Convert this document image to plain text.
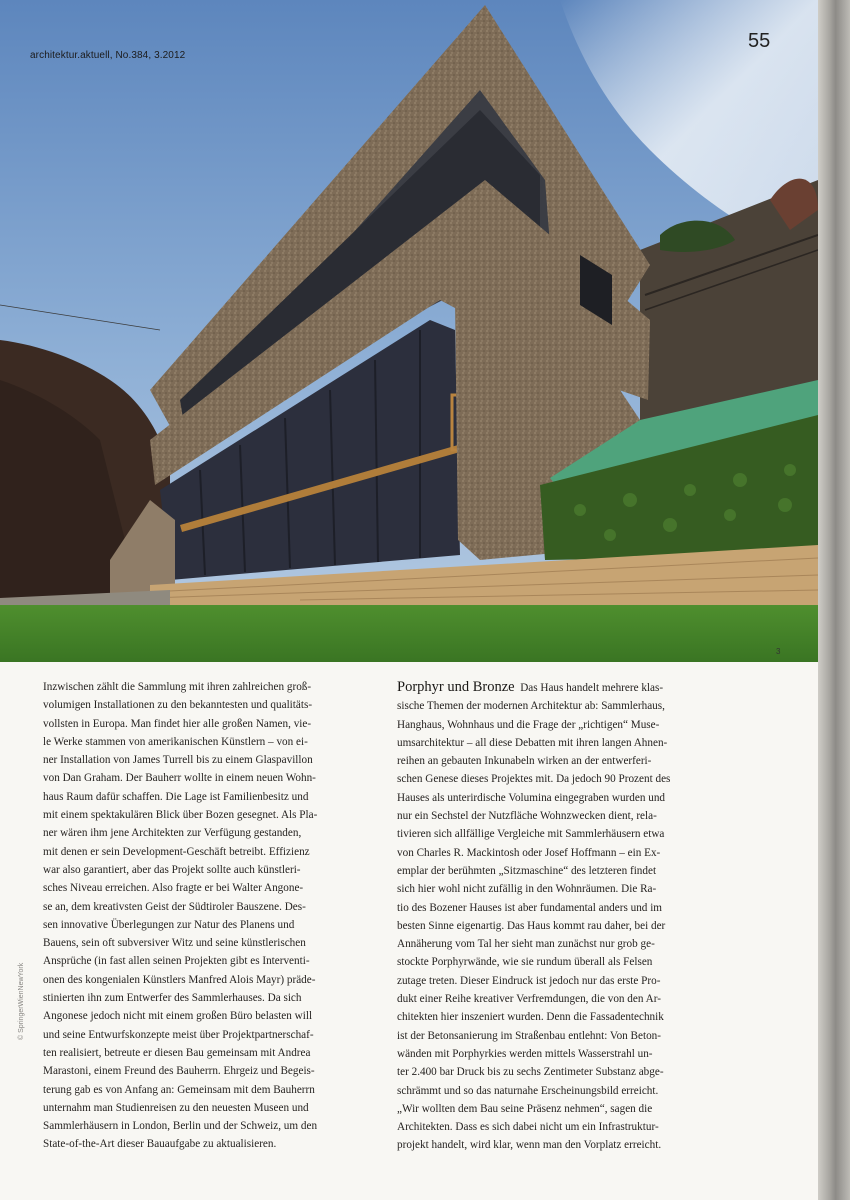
architektur.aktuell, No.384, 3.2012
55
3
© SpringerWienNewYork
Inzwischen zählt die Sammlung mit ihren zahlreichen groß-
volumigen Installationen zu den bekanntesten und qualitäts-
vollsten in Europa. Man findet hier alle großen Namen, vie-
le Werke stammen von amerikanischen Künstlern – von ei-
ner Installation von James Turrell bis zu einem Glaspavillon
von Dan Graham. Der Bauherr wollte in einem neuen Wohn-
haus Raum dafür schaffen. Die Lage ist Familienbesitz und
mit einem spektakulären Blick über Bozen gesegnet. Als Pla-
ner wären ihm jene Architekten zur Verfügung gestanden,
mit denen er sein Development-Geschäft betreibt. Effizienz
war also garantiert, aber das Projekt sollte auch künstleri-
sches Niveau erreichen. Also fragte er bei Walter Angone-
se an, dem kreativsten Geist der Südtiroler Bauszene. Des-
sen innovative Überlegungen zur Natur des Planens und
Bauens, sein oft subversiver Witz und seine künstlerischen
Ansprüche (in fast allen seinen Projekten gibt es Interventi-
onen des kongenialen Künstlers Manfred Alois Mayr) präde-
stinierten ihn zum Entwerfer des Sammlerhauses. Da sich
Angonese jedoch nicht mit einem großen Büro belasten will
und seine Entwurfskonzepte meist über Projektpartnerschaf-
ten realisiert, betreute er diesen Bau gemeinsam mit Andrea
Marastoni, einem Freund des Bauherrn. Ehrgeiz und Begeis-
terung gab es von Anfang an: Gemeinsam mit dem Bauherrn
unternahm man Studienreisen zu den neuesten Museen und
Sammlerhäusern in London, Berlin und der Schweiz, um den
State-of-the-Art dieser Bauaufgabe zu aktualisieren.
Porphyr und Bronze Das Haus handelt mehrere klas-
sische Themen der modernen Architektur ab: Sammlerhaus,
Hanghaus, Wohnhaus und die Frage der „richtigen“ Muse-
umsarchitektur – all diese Debatten mit ihren langen Ahnen-
reihen an gebauten Inkunabeln wirken an der entwerferi-
schen Genese dieses Projektes mit. Da jedoch 90 Prozent des
Hauses als unterirdische Volumina eingegraben wurden und
nur ein Sechstel der Nutzfläche Wohnzwecken dient, rela-
tivieren sich allfällige Vergleiche mit Sammlerhäusern etwa
von Charles R. Mackintosh oder Josef Hoffmann – ein Ex-
emplar der berühmten „Sitzmaschine“ des letzteren findet
sich hier wohl nicht zufällig in den Wohnräumen. Die Ra-
tio des Bozener Hauses ist aber fundamental anders und im
besten Sinne eigenartig. Das Haus kommt rau daher, bei der
Annäherung vom Tal her sieht man zunächst nur grob ge-
stockte Porphyrwände, wie sie rundum überall als Felsen
zutage treten. Dieser Eindruck ist jedoch nur das erste Pro-
dukt einer Reihe kreativer Verfremdungen, die von den Ar-
chitekten hier inszeniert wurden. Denn die Fassadentechnik
ist der Betonsanierung im Straßenbau entlehnt: Von Beton-
wänden mit Porphyrkies werden mittels Wasserstrahl un-
ter 2.400 bar Druck bis zu sechs Zentimeter Substanz abge-
schrämmt und so das naturnahe Erscheinungsbild erreicht.
„Wir wollten dem Bau seine Präsenz nehmen“, sagen die
Architekten. Dass es sich dabei nicht um ein Infrastruktur-
projekt handelt, wird klar, wenn man den Vorplatz erreicht.
